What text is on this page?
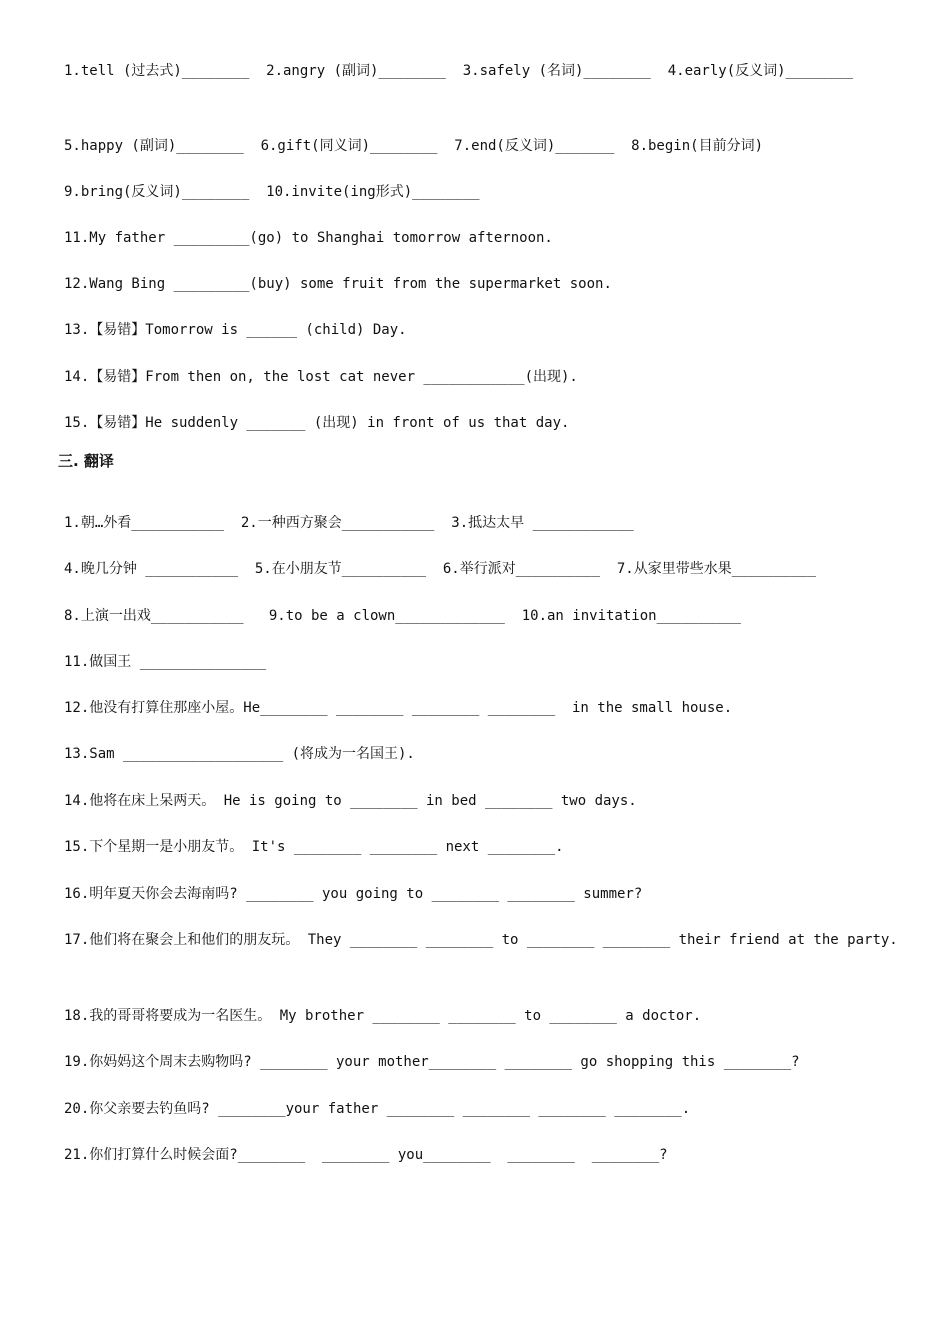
1.tell (过去式)________  2.angry (副词)________  3.safely (名词)________  4.early(反义词)________
5.happy (副词)________  6.gift(同义词)________  7.end(反义词)_______  8.begin(目前分词)
9.bring(反义词)________  10.invite(ing形式)________
11.My father _________(go) to Shanghai tomorrow afternoon.
12.Wang Bing _________(buy) some fruit from the supermarket soon.
13.【易错】Tomorrow is ______ (child) Day.
14.【易错】From then on, the lost cat never ____________(出现).
15.【易错】He suddenly _______ (出现) in front of us that day.
三. 翻译
1.朝…外看___________  2.一种西方聚会___________  3.抵达太早 ____________
4.晚几分钟 ___________  5.在小朋友节__________  6.举行派对__________  7.从家里带些水果__________
8.上演一出戏___________   9.to be a clown_____________  10.an invitation__________
11.做国王 _______________
12.他没有打算住那座小屋。He________ ________ ________ ________  in the small house.
13.Sam ___________________ (将成为一名国王).
14.他将在床上呆两天。 He is going to ________ in bed ________ two days.
15.下个星期一是小朋友节。 It's ________ ________ next ________.
16.明年夏天你会去海南吗? ________ you going to ________ ________ summer?
17.他们将在聚会上和他们的朋友玩。 They ________ ________ to ________ ________ their friend at the party.
18.我的哥哥将要成为一名医生。 My brother ________ ________ to ________ a doctor.
19.你妈妈这个周末去购物吗? ________ your mother________ ________ go shopping this ________?
20.你父亲要去钓鱼吗? ________your father ________ ________ ________ ________.
21.你们打算什么时候会面?________  ________ you________  ________  ________?
